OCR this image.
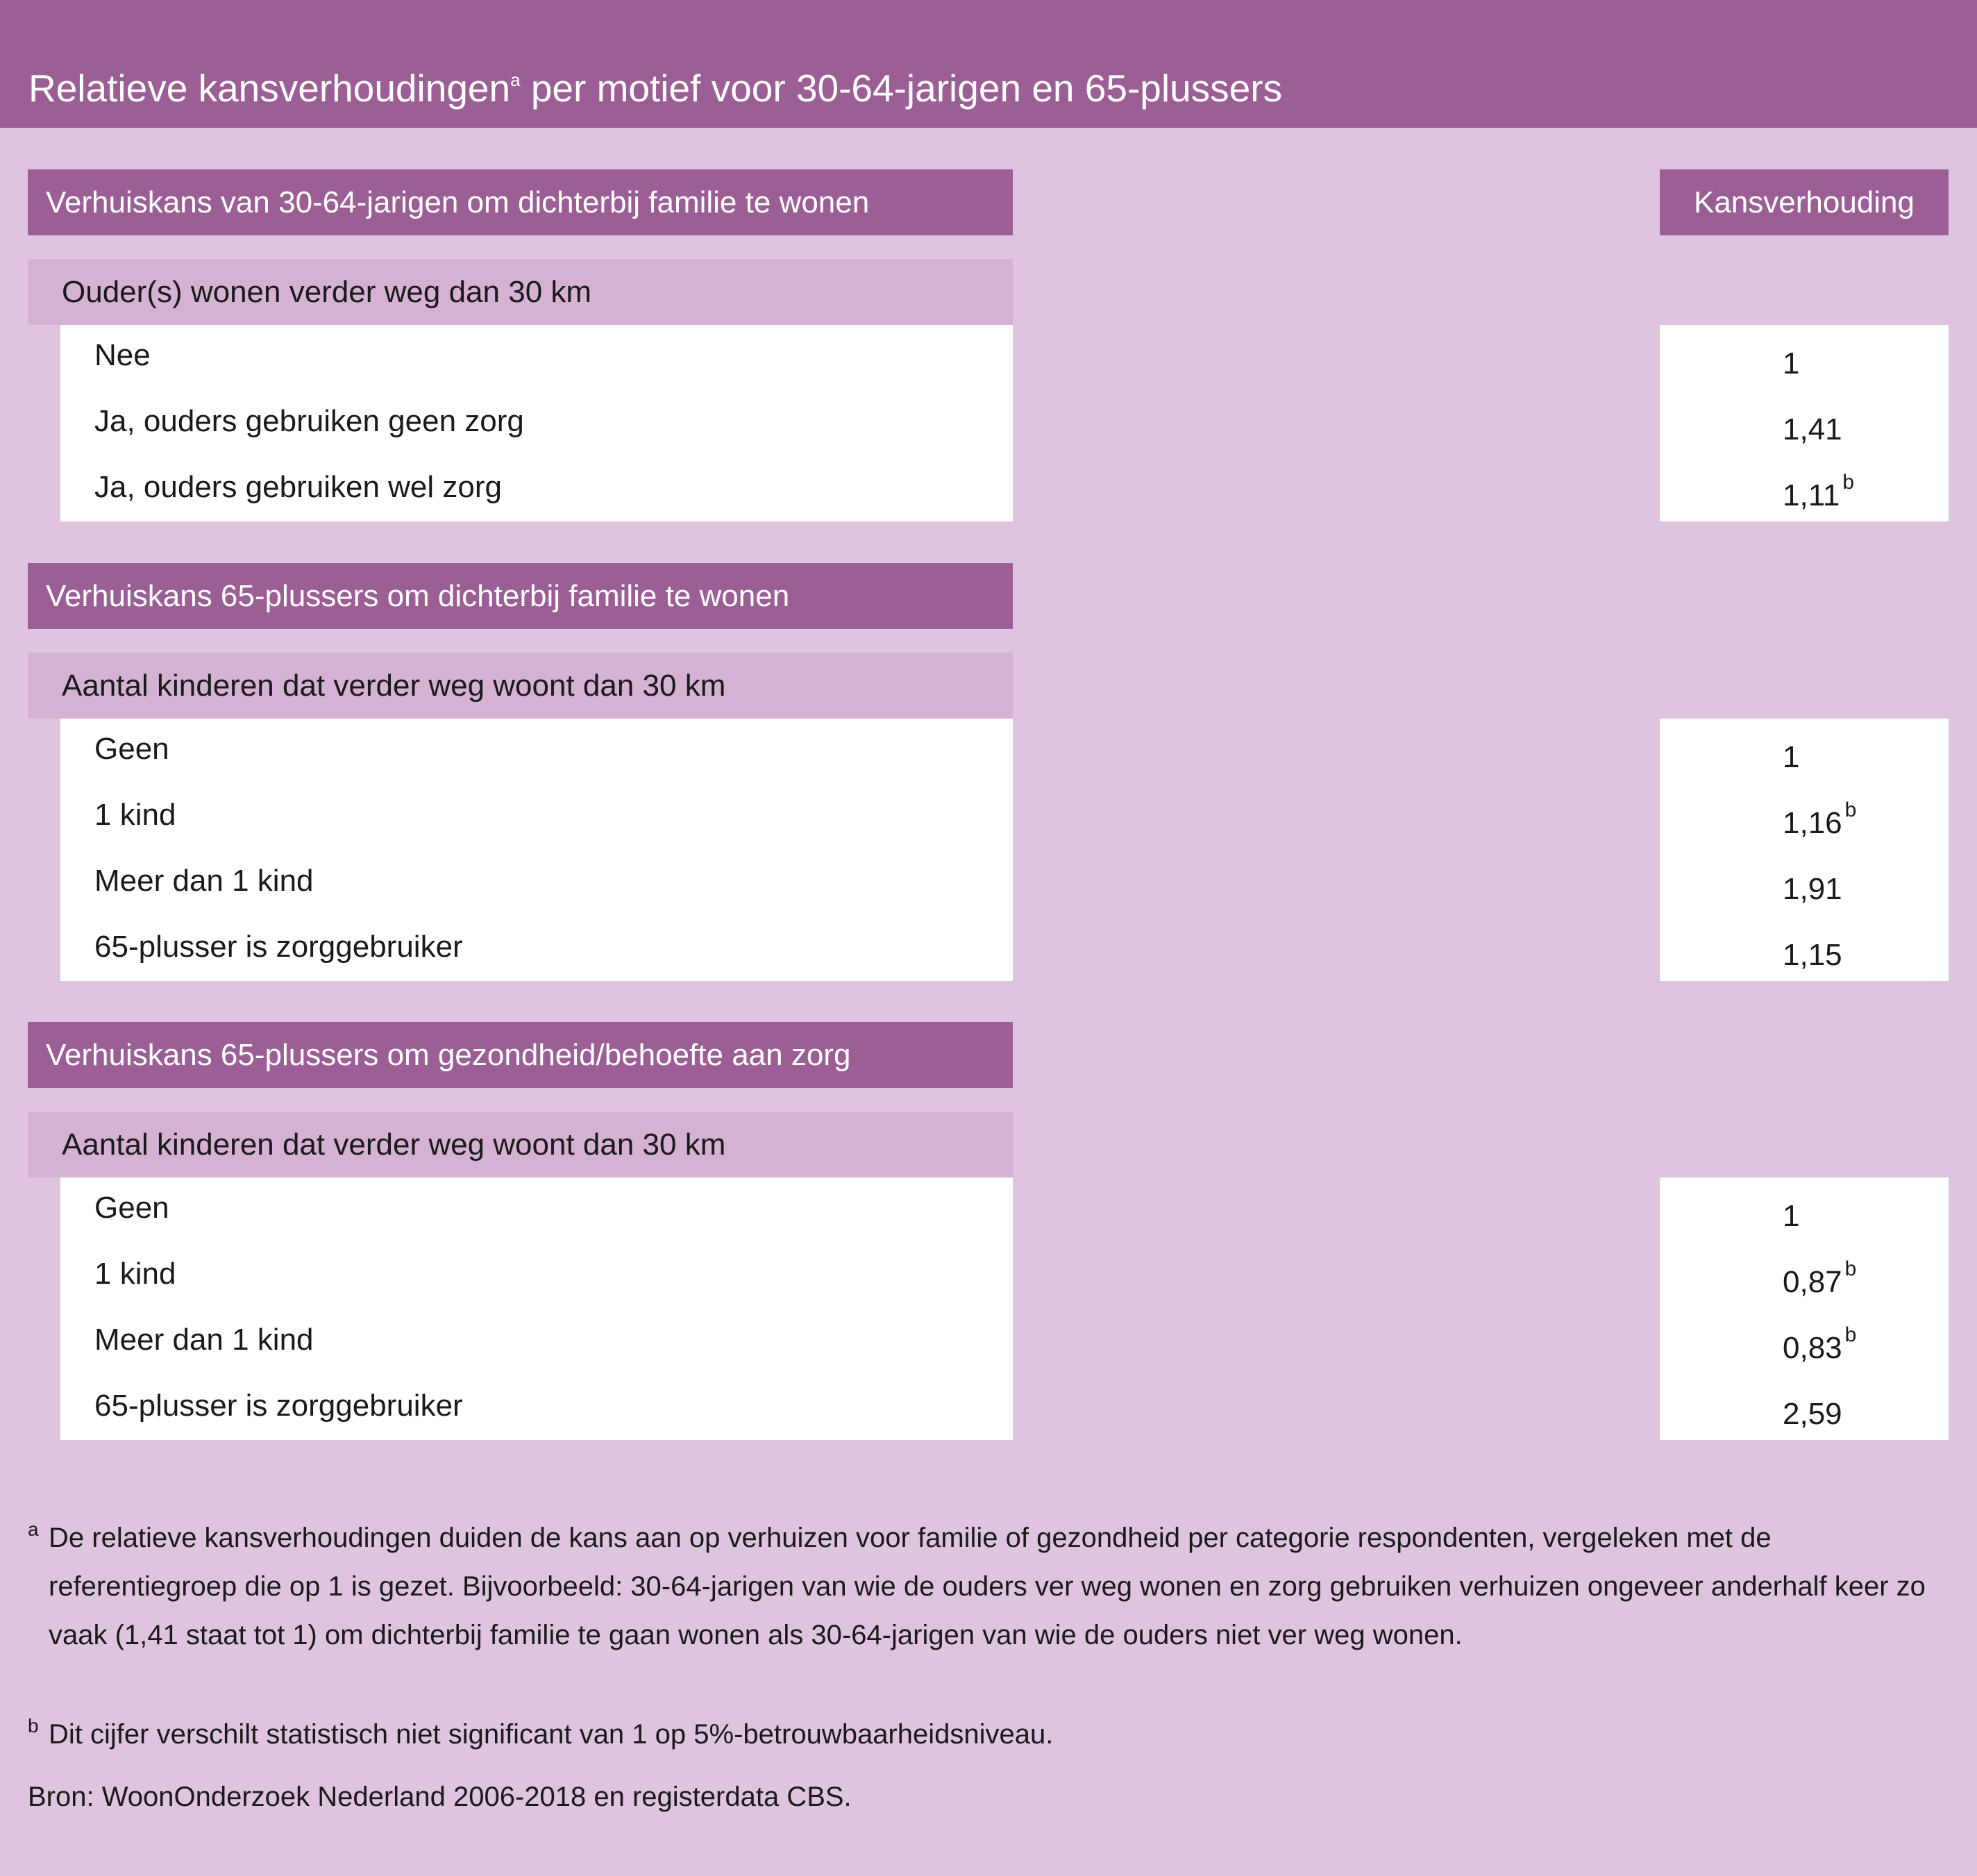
Relatieve kansverhoudingen$^a$ per motief voor 30-64-jarigen en 65-plussers
Verhuiskans van 30-64-jarigen om dichterbij familie te wonen	Kansverhouding
Ouder(s) wonen verder weg dan 30 km
Nee	1
Ja, ouders gebruiken geen zorg	1,41
Ja, ouders gebruiken wel zorg	1,11 $^b$
Verhuiskans 65-plussers om dichterbij familie te wonen
Aantal kinderen dat verder weg woont dan 30 km
Geen	1
1 kind	1,16 $^b$
Meer dan 1 kind	1,91
65-plusser is zorggebruiker	1,15
Verhuiskans 65-plussers om gezondheid/behoefte aan zorg
Aantal kinderen dat verder weg woont dan 30 km
Geen	1
1 kind	0,87 $^b$
Meer dan 1 kind	0,83 $^b$
65-plusser is zorggebruiker	2,59
a De relatieve kansverhoudingen duiden de kans aan op verhuizen voor familie of gezondheid per categorie respondenten, vergeleken met de referentiegroep die op 1 is gezet. Bijvoorbeeld: 30-64-jarigen van wie de ouders ver weg wonen en zorg gebruiken verhuizen ongeveer anderhalf keer zo vaak (1,41 staat tot 1) om dichterbij familie te gaan wonen als 30-64-jarigen van wie de ouders niet ver weg wonen.
b Dit cijfer verschilt statistisch niet significant van 1 op 5%-betrouwbaarheidsniveau.
Bron: WoonOnderzoek Nederland 2006-2018 en registerdata CBS.
